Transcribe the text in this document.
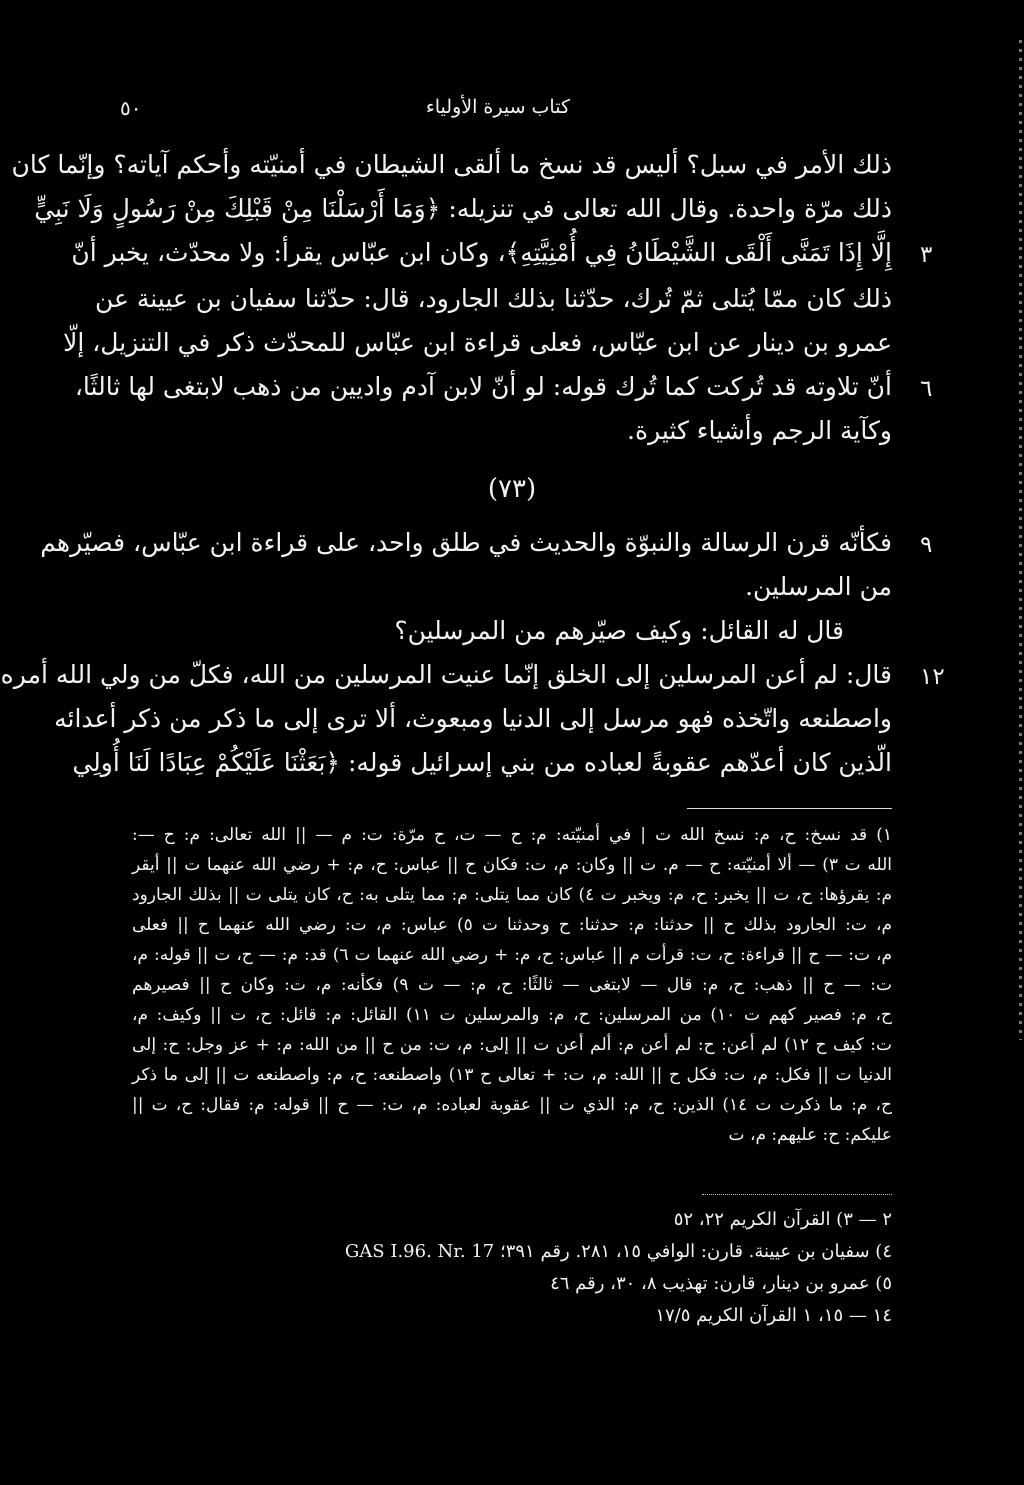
كتاب سيرة الأولياء
٥٠
ذلك الأمر في سبل؟ أليس قد نسخ ما ألقى الشيطان في أمنيّته وأحكم آياته؟ وإنّما كان
ذلك مرّة واحدة. وقال الله تعالى في تنزيله: ﴿وَمَا أَرْسَلْنَا مِنْ قَبْلِكَ مِنْ رَسُولٍ وَلَا نَبِيٍّ
إِلَّا إِذَا تَمَنَّى أَلْقَى الشَّيْطَانُ فِي أُمْنِيَّتِهِ﴾، وكان ابن عبّاس يقرأ: ولا محدّث، يخبر أنّ
ذلك كان ممّا يُتلى ثمّ تُرك، حدّثنا بذلك الجارود، قال: حدّثنا سفيان بن عيينة عن
عمرو بن دينار عن ابن عبّاس، فعلى قراءة ابن عبّاس للمحدّث ذكر في التنزيل، إلّا
أنّ تلاوته قد تُركت كما تُرك قوله: لو أنّ لابن آدم واديين من ذهب لابتغى لها ثالثًا،
وكآية الرجم وأشياء كثيرة.
٣
٦
(٧٣)
فكأنّه قرن الرسالة والنبوّة والحديث في طلق واحد، على قراءة ابن عبّاس، فصيّرهم
من المرسلين.
قال له القائل: وكيف صيّرهم من المرسلين؟
قال: لم أعن المرسلين إلى الخلق إنّما عنيت المرسلين من الله، فكلّ من ولي الله أمره
واصطنعه واتّخذه فهو مرسل إلى الدنيا ومبعوث، ألا ترى إلى ما ذكر من ذكر أعدائه
الّذين كان أعدّهم عقوبةً لعباده من بني إسرائيل قوله: ﴿بَعَثْنَا عَلَيْكُمْ عِبَادًا لَنَا أُولِي
٩
١٢
١) قد نسخ: ح، م: نسخ الله ت | في أمنيّته: م: ح — ت، ح مرّة: ت: م — || الله تعالى: م: ح —:
الله ت ٣) — ألا أمنيّته: ح — م. ت || وكان: م، ت: فكان ح || عباس: ح، م: + رضي الله عنهما ت || أيقر
م: يقرؤها: ح، ت || يخبر: ح، م: ويخبر ت ٤) كان مما يتلى: م: مما يتلى به: ح، كان يتلى ت || بذلك الجارود
م، ت: الجارود بذلك ح || حدثنا: م: حدثنا: ح وحدثنا ت ٥) عباس: م، ت: رضي الله عنهما ح || فعلى
م، ت: — ح || قراءة: ح، ت: قرأت م || عباس: ح، م: + رضي الله عنهما ت ٦) قد: م: — ح، ت || قوله: م،
ت: — ح || ذهب: ح، م: قال — لابتغى — ثالثًا: ح، م: — ت ٩) فكأنه: م، ت: وكان ح || فصيرهم
ح، م: فصير كهم ت ١٠) من المرسلين: ح، م: والمرسلين ت ١١) القائل: م: قائل: ح، ت || وكيف: م،
ت: كيف ح ١٢) لم أعن: ح: لم أعن م: ألم أعن ت || إلى: م، ت: من ح || من الله: م: + عز وجل: ح: إلى
الدنيا ت || فكل: م، ت: فكل ح || الله: م، ت: + تعالى ح ١٣) واصطنعه: ح، م: واصطنعه ت || إلى ما ذكر
ح، م: ما ذكرت ت ١٤) الذين: ح، م: الذي ت || عقوبة لعباده: م، ت: — ح || قوله: م: فقال: ح، ت ||
عليكم: ح: عليهم: م، ت
٢ — ٣) القرآن الكريم ٢٢، ٥٢
٤) سفيان بن عيينة. قارن: الوافي ١٥، ٢٨١. رقم ٣٩١؛ GAS I.96. Nr. 17
٥) عمرو بن دينار، قارن: تهذيب ٨، ٣٠، رقم ٤٦
١٤ — ١٥، ١ القرآن الكريم ١٧/٥
